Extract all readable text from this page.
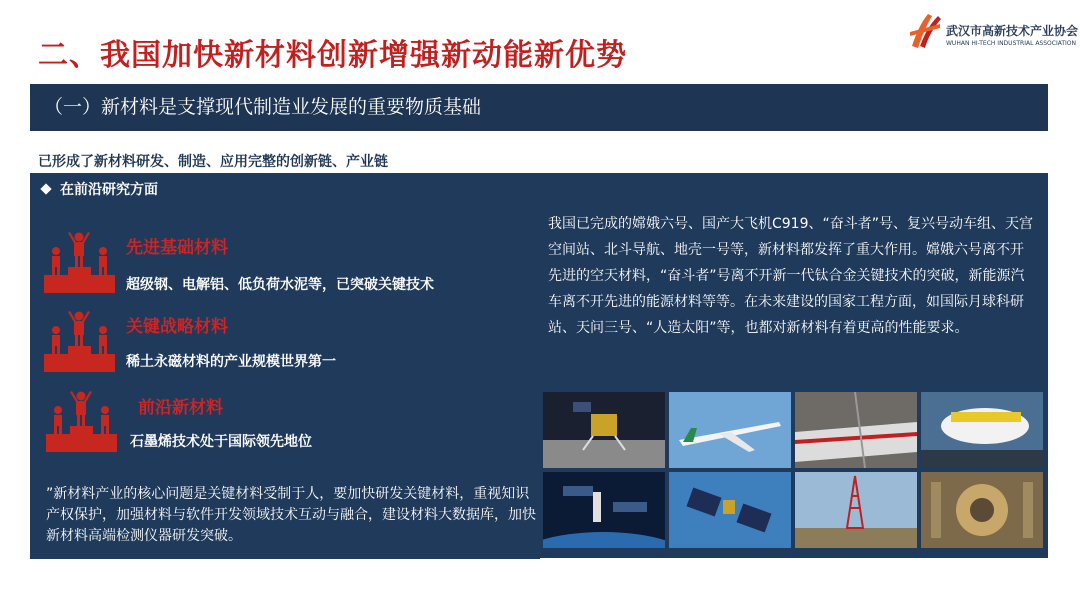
二、我国加快新材料创新增强新动能新优势
武汉市高新技术产业协会
WUHAN HI-TECH INDUSTRIAL ASSOCIATION
（一）新材料是支撑现代制造业发展的重要物质基础
已形成了新材料研发、制造、应用完整的创新链、产业链
在前沿研究方面
先进基础材料
超级钢、电解铝、低负荷水泥等，已突破关键技术
关键战略材料
稀土永磁材料的产业规模世界第一
前沿新材料
石墨烯技术处于国际领先地位
”新材料产业的核心问题是关键材料受制于人，要加快研发关键材料，重视知识产权保护，加强材料与软件开发领域技术互动与融合，建设材料大数据库，加快新材料高端检测仪器研发突破。
我国已完成的嫦娥六号、国产大飞机C919、“奋斗者”号、复兴号动车组、天宫空间站、北斗导航、地壳一号等，新材料都发挥了重大作用。嫦娥六号离不开先进的空天材料，“奋斗者”号离不开新一代钛合金关键技术的突破，新能源汽车离不开先进的能源材料等等。在未来建设的国家工程方面，如国际月球科研站、天问三号、“人造太阳”等，也都对新材料有着更高的性能要求。
